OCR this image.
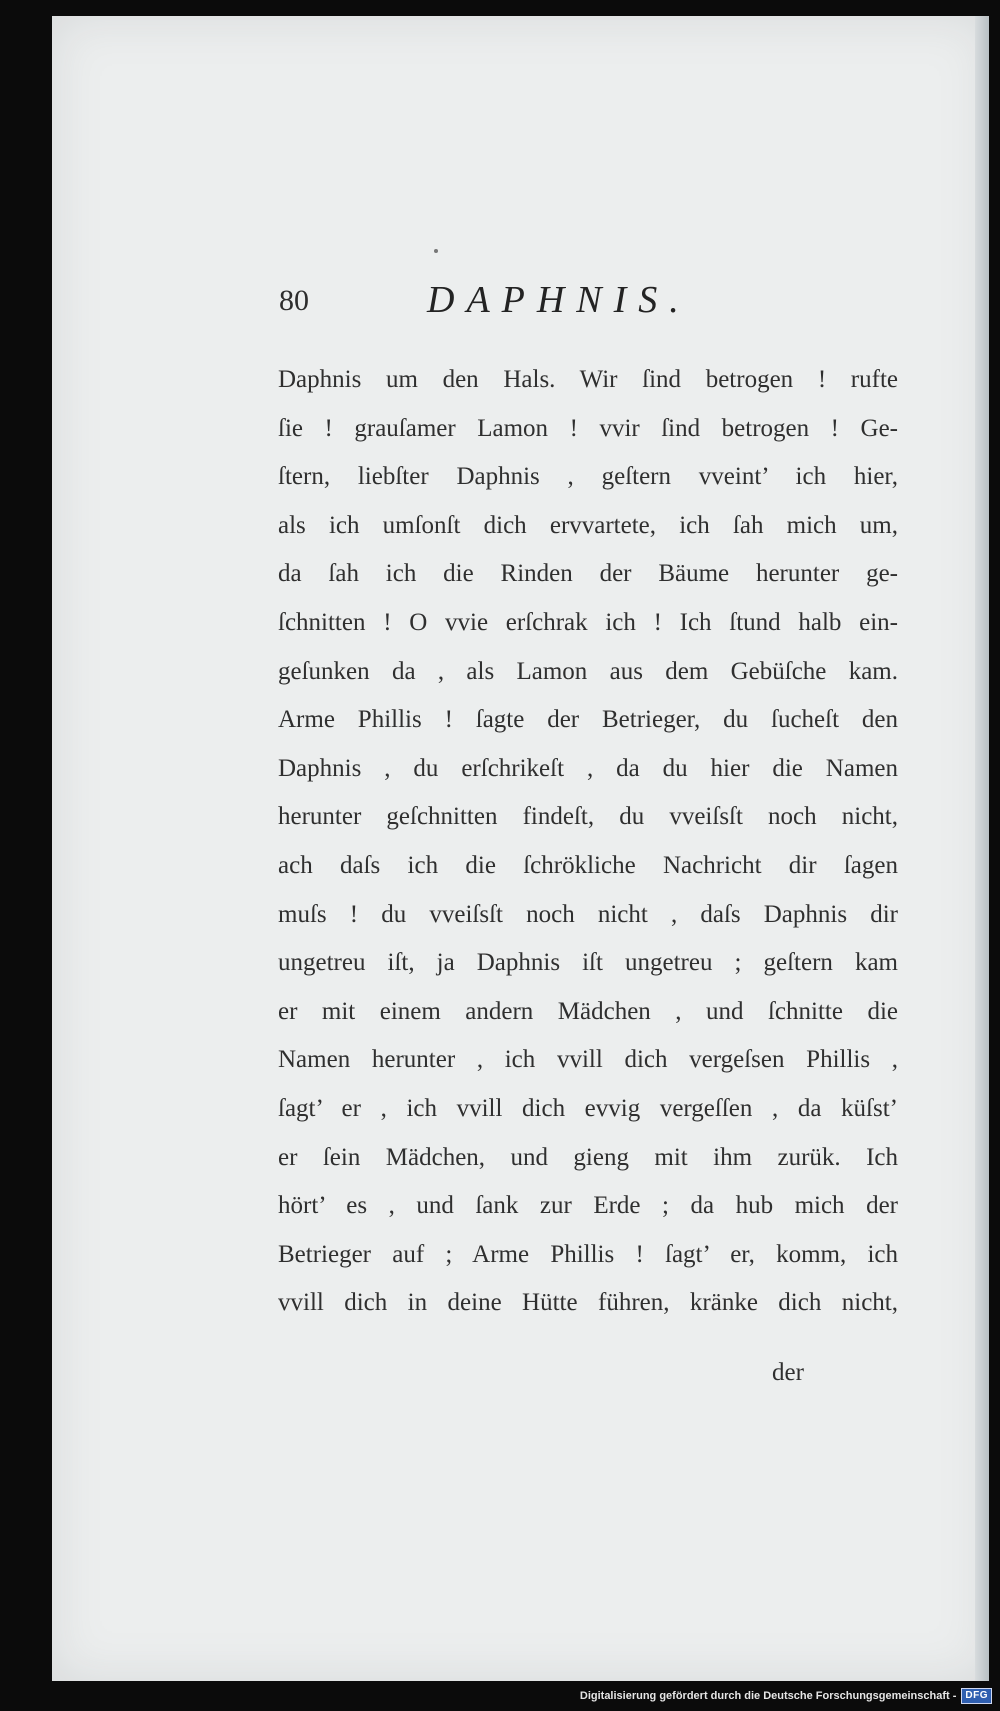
80	DAPHNIS.
Daphnis um den Hals. Wir ſind betrogen ! rufte
ſie ! grauſamer Lamon ! vvir ſind betrogen ! Ge-
ſtern, liebſter Daphnis , geſtern vveint’ ich hier,
als ich umſonſt dich ervvartete, ich ſah mich um,
da ſah ich die Rinden der Bäume herunter ge-
ſchnitten ! O vvie erſchrak ich ! Ich ſtund halb ein-
geſunken da , als Lamon aus dem Gebüſche kam.
Arme Phillis ! ſagte der Betrieger, du ſucheſt den
Daphnis , du erſchrikeſt , da du hier die Namen
herunter geſchnitten findeſt, du vveiſsſt noch nicht,
ach daſs ich die ſchrökliche Nachricht dir ſagen
muſs ! du vveiſsſt noch nicht , daſs Daphnis dir
ungetreu iſt, ja Daphnis iſt ungetreu ; geſtern kam
er mit einem andern Mädchen , und ſchnitte die
Namen herunter , ich vvill dich vergeſsen Phillis ,
ſagt’ er , ich vvill dich evvig vergeſſen , da küſst’
er ſein Mädchen, und gieng mit ihm zurük. Ich
hört’ es , und ſank zur Erde ; da hub mich der
Betrieger auf ; Arme Phillis ! ſagt’ er, komm, ich
vvill dich in deine Hütte führen, kränke dich nicht,
der
Digitalisierung gefördert durch die Deutsche Forschungsgemeinschaft - DFG
